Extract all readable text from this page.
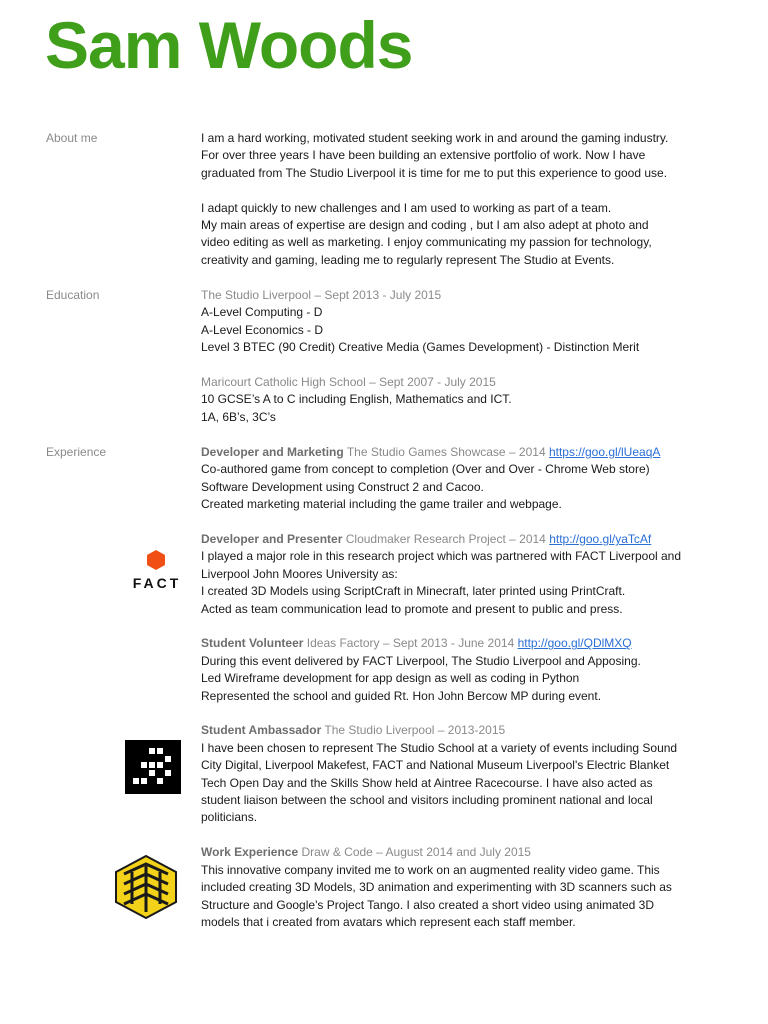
Sam Woods
About me	I am a hard working, motivated student seeking work in and around the gaming industry.

For over three years I have been building an extensive portfolio of work. Now I have

graduated from The Studio Liverpool it is time for me to put this experience to good use.

I adapt quickly to new challenges and I am used to working as part of a team.

My main areas of expertise are design and coding , but I am also adept at photo and

video editing as well as marketing. I enjoy communicating my passion for technology,

creativity and gaming, leading me to regularly represent The Studio at Events.

Education	The Studio Liverpool – Sept 2013 - July 2015

A-Level Computing - D

A-Level Economics - D

Level 3 BTEC (90 Credit) Creative Media (Games Development) - Distinction Merit

Maricourt Catholic High School – Sept 2007 - July 2015

10 GCSE’s A to C including English, Mathematics and ICT.

1A, 6B’s, 3C’s

Experience	Developer and Marketing The Studio Games Showcase – 2014 https://goo.gl/lUeaqA

Co-authored game from concept to completion (Over and Over - Chrome Web store)

Software Development using Construct 2 and Cacoo.

Created marketing material including the game trailer and webpage.

Developer and Presenter Cloudmaker Research Project – 2014 http://goo.gl/yaTcAf

I played a major role in this research project which was partnered with FACT Liverpool and

Liverpool John Moores University as:

I created 3D Models using ScriptCraft in Minecraft, later printed using PrintCraft.

Acted as team communication lead to promote and present to public and press.

Student Volunteer Ideas Factory – Sept 2013 - June 2014 http://goo.gl/QDlMXQ

During this event delivered by FACT Liverpool, The Studio Liverpool and Apposing.

Led Wireframe development for app design as well as coding in Python

Represented the school and guided Rt. Hon John Bercow MP during event.

Student Ambassador The Studio Liverpool – 2013-2015

I have been chosen to represent The Studio School at a variety of events including Sound

City Digital, Liverpool Makefest, FACT and National Museum Liverpool's Electric Blanket

Tech Open Day and the Skills Show held at Aintree Racecourse. I have also acted as

student liaison between the school and visitors including prominent national and local

politicians.

Work Experience Draw & Code – August 2014 and July 2015

This innovative company invited me to work on an augmented reality video game. This

included creating 3D Models, 3D animation and experimenting with 3D scanners such as

Structure and Google's Project Tango. I also created a short video using animated 3D

models that i created from avatars which represent each staff member.

FACT
